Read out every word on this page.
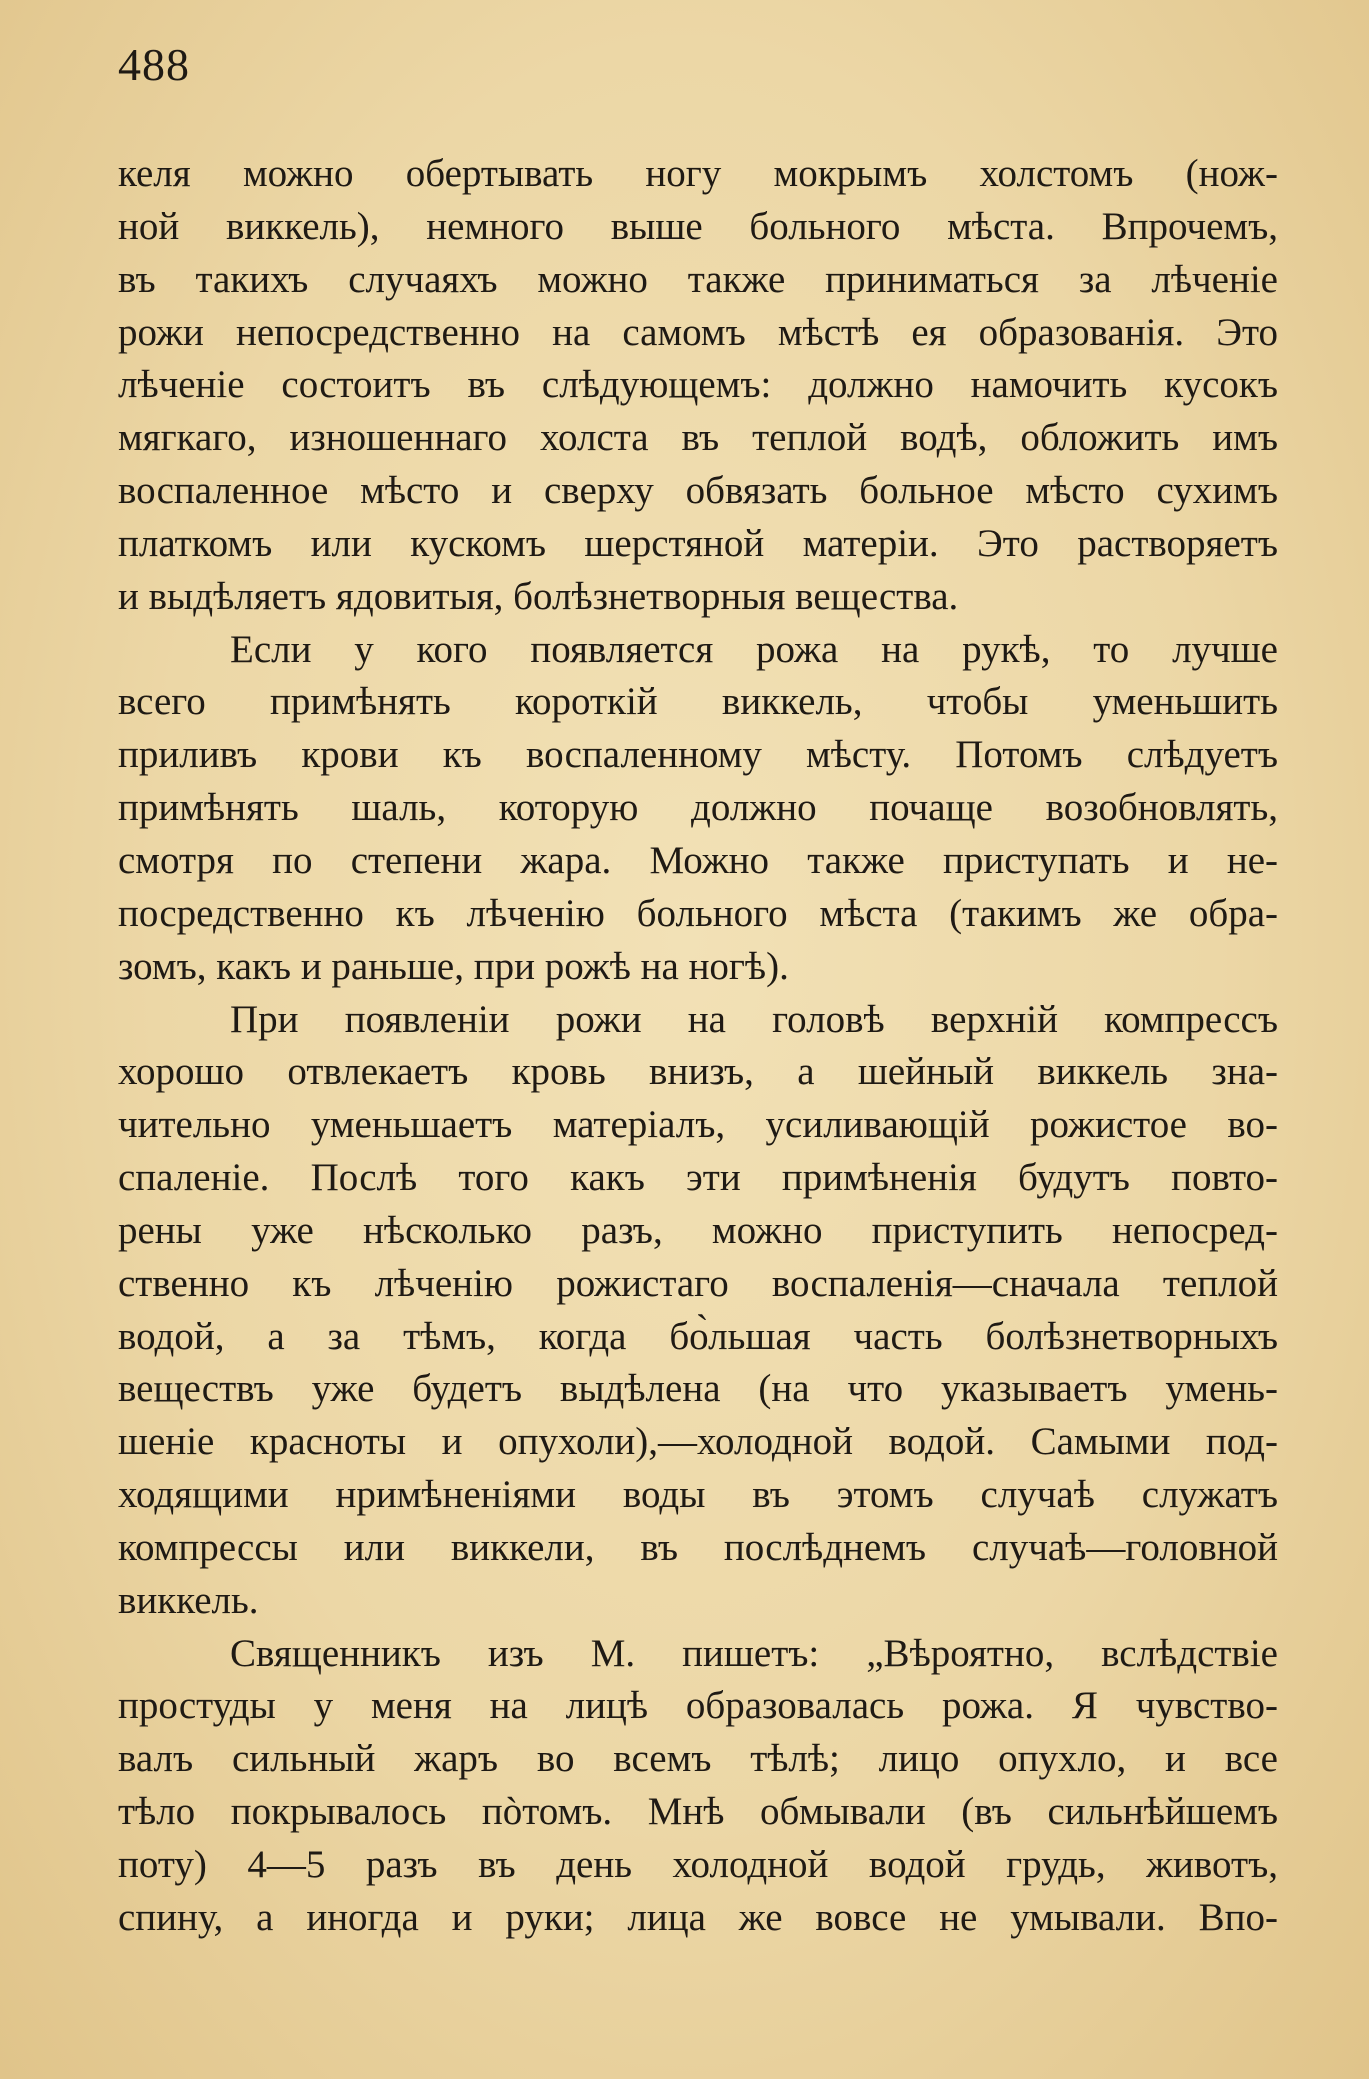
488
келя можно обертывать ногу мокрымъ холстомъ (нож-
ной виккель), немного выше больного мѣста. Впрочемъ,
въ такихъ случаяхъ можно также приниматься за лѣченіе
рожи непосредственно на самомъ мѣстѣ ея образованія. Это
лѣченіе состоитъ въ слѣдующемъ: должно намочить кусокъ
мягкаго, изношеннаго холста въ теплой водѣ, обложить имъ
воспаленное мѣсто и сверху обвязать больное мѣсто сухимъ
платкомъ или кускомъ шерстяной матеріи. Это растворяетъ
и выдѣляетъ ядовитыя, болѣзнетворныя вещества.
Если у кого появляется рожа на рукѣ, то лучше
всего примѣнять короткій виккель, чтобы уменьшить
приливъ крови къ воспаленному мѣсту. Потомъ слѣдуетъ
примѣнять шаль, которую должно почаще возобновлять,
смотря по степени жара. Можно также приступать и не-
посредственно къ лѣченію больного мѣста (такимъ же обра-
зомъ, какъ и раньше, при рожѣ на ногѣ).
При появленіи рожи на головѣ верхній компрессъ
хорошо отвлекаетъ кровь внизъ, а шейный виккель зна-
чительно уменьшаетъ матеріалъ, усиливающій рожистое во-
спаленіе. Послѣ того какъ эти примѣненія будутъ повто-
рены уже нѣсколько разъ, можно приступить непосред-
ственно къ лѣченію рожистаго воспаленія—сначала теплой
водой, а за тѣмъ, когда бо̀льшая часть болѣзнетворныхъ
веществъ уже будетъ выдѣлена (на что указываетъ умень-
шеніе красноты и опухоли),—холодной водой. Самыми под-
ходящими нримѣненіями воды въ этомъ случаѣ служатъ
компрессы или виккели, въ послѣднемъ случаѣ—головной
виккель.
Священникъ изъ М. пишетъ: „Вѣроятно, вслѣдствіе
простуды у меня на лицѣ образовалась рожа. Я чувство-
валъ сильный жаръ во всемъ тѣлѣ; лицо опухло, и все
тѣло покрывалось пòтомъ. Мнѣ обмывали (въ сильнѣйшемъ
поту) 4—5 разъ въ день холодной водой грудь, животъ,
спину, а иногда и руки; лица же вовсе не умывали. Впо-
